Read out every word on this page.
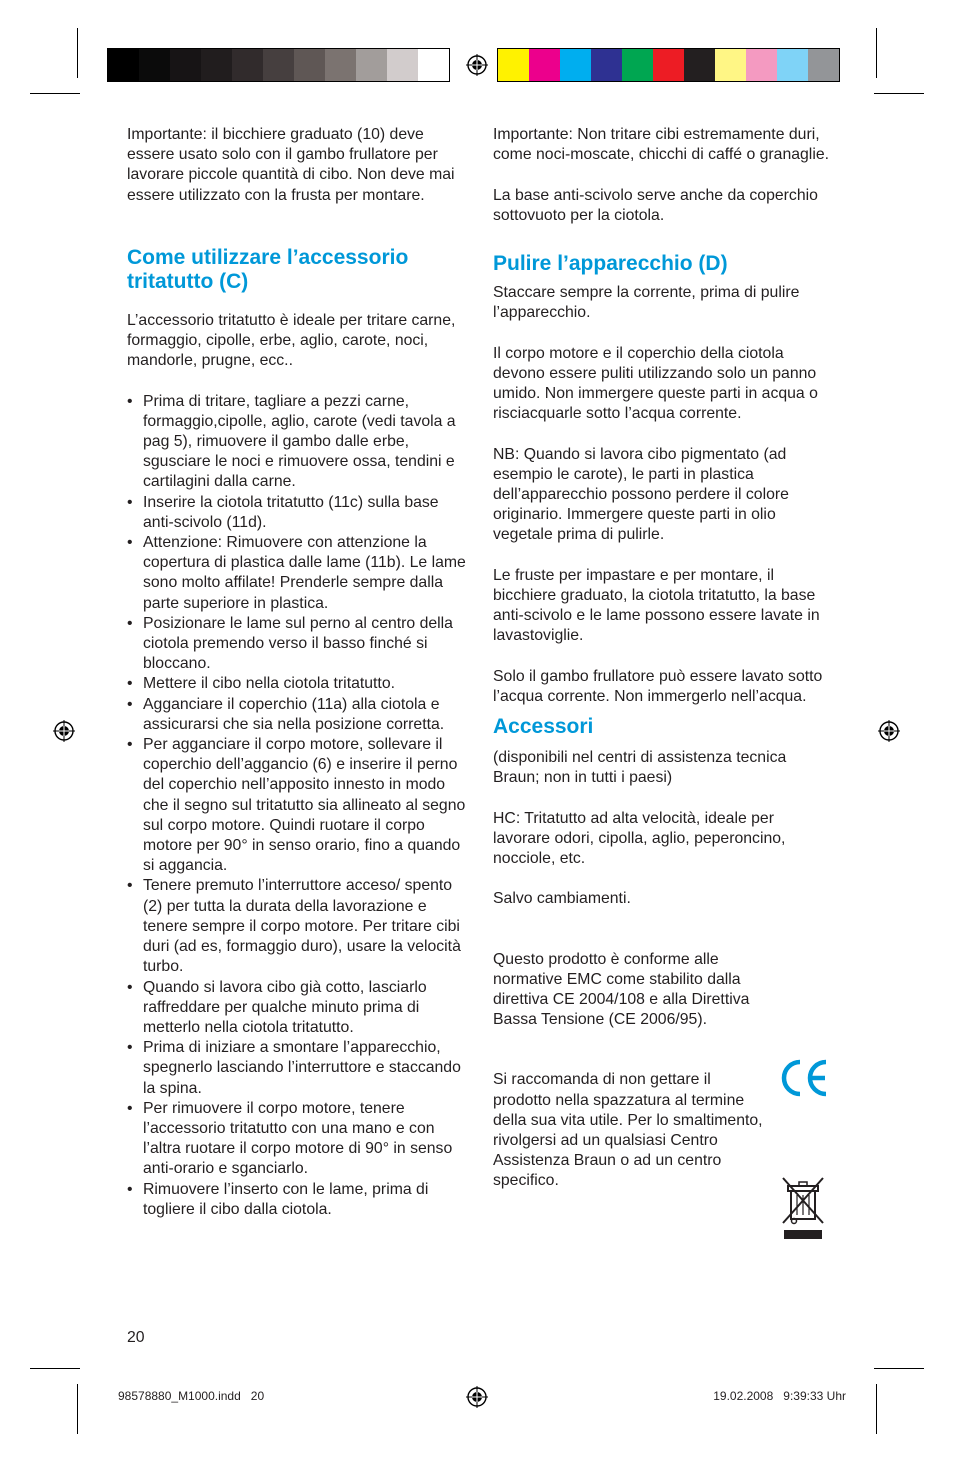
Importante: il bicchiere graduato (10) deve essere usato solo con il gambo frullatore per lavorare piccole quantità di cibo. Non deve mai essere utilizzato con la frusta per montare.

Come utilizzare l’accessorio tritatutto (C)

L’accessorio tritatutto è ideale per tritare carne, formaggio, cipolle, erbe, aglio, carote, noci, mandorle, prugne, ecc..

• Prima di tritare, tagliare a pezzi carne, formaggio,cipolle, aglio, carote (vedi tavola a pag 5), rimuovere il gambo dalle erbe, sgusciare le noci e rimuovere ossa, tendini e cartilagini dalla carne.
• Inserire la ciotola tritatutto (11c) sulla base anti-scivolo (11d).
• Attenzione: Rimuovere con attenzione la copertura di plastica dalle lame (11b). Le lame sono molto affilate! Prenderle sempre dalla parte superiore in plastica.
• Posizionare le lame sul perno al centro della ciotola premendo verso il basso finché si bloccano.
• Mettere il cibo nella ciotola tritatutto.
• Agganciare il coperchio (11a) alla ciotola e assicurarsi che sia nella posizione corretta.
• Per agganciare il corpo motore, sollevare il coperchio dell’aggancio (6) e inserire il perno del coperchio nell’apposito innesto in modo che il segno sul tritatutto sia allineato al segno sul corpo motore. Quindi ruotare il corpo motore per 90° in senso orario, fino a quando si aggancia.
• Tenere premuto l’interruttore acceso/ spento (2) per tutta la durata della lavorazione e tenere sempre il corpo motore. Per tritare cibi duri (ad es, formaggio duro), usare la velocità turbo.
• Quando si lavora cibo già cotto, lasciarlo raffreddare per qualche minuto prima di metterlo nella ciotola tritatutto.
• Prima di iniziare a smontare l’apparecchio, spegnerlo lasciando l’interruttore e staccando la spina.
• Per rimuovere il corpo motore, tenere l’accessorio tritatutto con una mano e con l’altra ruotare il corpo motore di 90° in senso anti-orario e sganciarlo.
• Rimuovere l’inserto con le lame, prima di togliere il cibo dalla ciotola.

Importante: Non tritare cibi estremamente duri, come noci-moscate, chicchi di caffé o granaglie.

La base anti-scivolo serve anche da coperchio sottovuoto per la ciotola.

Pulire l’apparecchio (D)

Staccare sempre la corrente, prima di pulire l’apparecchio.

Il corpo motore e il coperchio della ciotola devono essere puliti utilizzando solo un panno umido. Non immergere queste parti in acqua o risciacquarle sotto l’acqua corrente.

NB: Quando si lavora cibo pigmentato (ad esempio le carote), le parti in plastica dell’apparecchio possono perdere il colore originario. Immergere queste parti in olio vegetale prima di pulirle.

Le fruste per impastare e per montare, il bicchiere graduato, la ciotola tritatutto, la base anti-scivolo e le lame possono essere lavate in lavastoviglie.

Solo il gambo frullatore può essere lavato sotto l’acqua corrente. Non immergerlo nell’acqua.

Accessori

(disponibili nel centri di assistenza tecnica Braun; non in tutti i paesi)

HC: Tritatutto ad alta velocità, ideale per lavorare odori, cipolla, aglio, peperoncino, nocciole, etc.

Salvo cambiamenti.

Questo prodotto è conforme alle normative EMC come stabilito dalla direttiva CE 2004/108 e alla Direttiva Bassa Tensione (CE 2006/95).

Si raccomanda di non gettare il prodotto nella spazzatura al termine della sua vita utile. Per lo smaltimento, rivolgersi ad un qualsiasi Centro Assistenza Braun o ad un centro specifico.

20
98578880_M1000.indd   20	19.02.2008   9:39:33 Uhr
